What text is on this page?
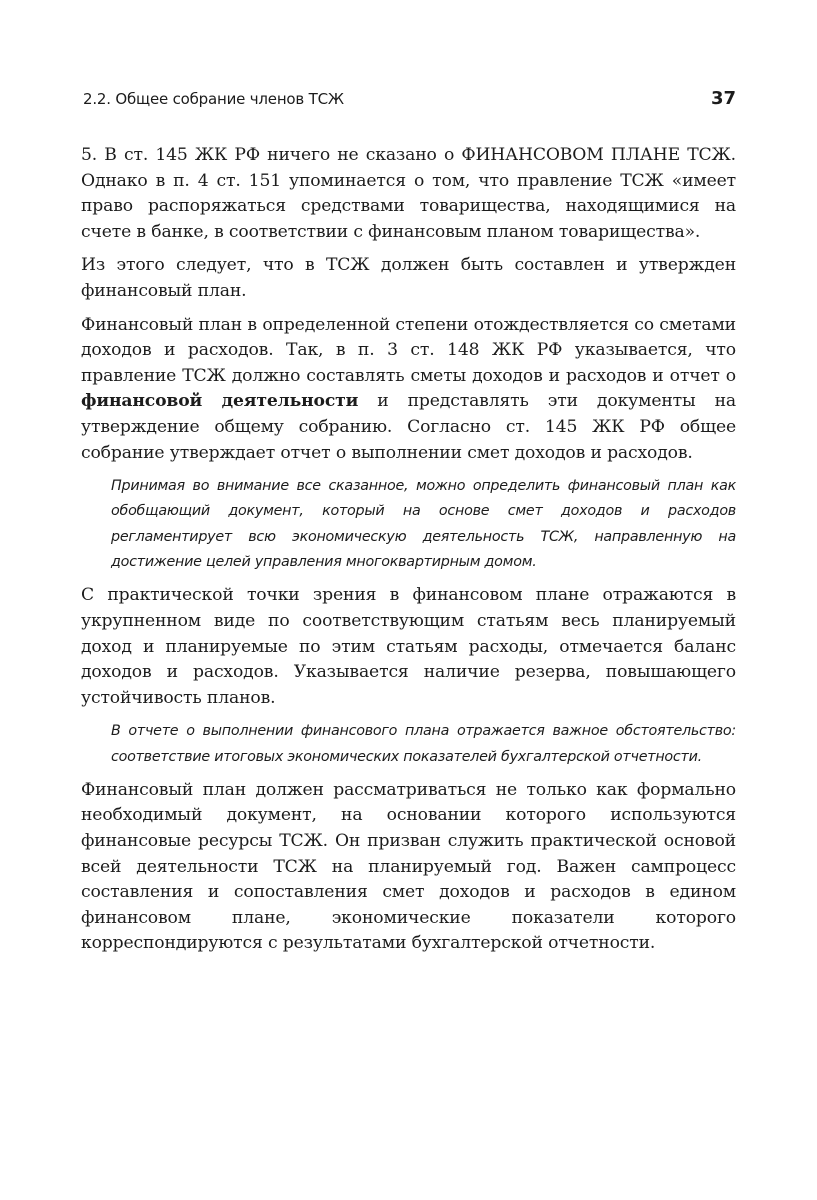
2.2. Общее собрание членов ТСЖ	37

5. В ст. 145 ЖК РФ ничего не сказано о ФИНАНСОВОМ ПЛАНЕ ТСЖ. Однако в п. 4 ст. 151 упоминается о том, что правление ТСЖ «имеет право распоряжаться средствами товарищества, находящимися на счете в банке, в соответствии с финансовым планом товарищества».

Из этого следует, что в ТСЖ должен быть составлен и утвержден финансовый план.

Финансовый план в определенной степени отождествляется со сметами доходов и расходов. Так, в п. 3 ст. 148 ЖК РФ указывается, что правление ТСЖ должно составлять сметы доходов и расходов и отчет о финансовой деятельности и представлять эти документы на утверждение общему собранию. Согласно ст. 145 ЖК РФ общее собрание утверждает отчет о выполнении смет доходов и расходов.

Принимая во внимание все сказанное, можно определить финансовый план как обобщающий документ, который на основе смет доходов и расходов регламентирует всю экономическую деятельность ТСЖ, направленную на достижение целей управления многоквартирным домом.

С практической точки зрения в финансовом плане отражаются в укрупненном виде по соответствующим статьям весь планируемый доход и планируемые по этим статьям расходы, отмечается баланс доходов и расходов. Указывается наличие резерва, повышающего устойчивость планов.

В отчете о выполнении финансового плана отражается важное обстоятельство: соответствие итоговых экономических показателей бухгалтерской отчетности.

Финансовый план должен рассматриваться не только как формально необходимый документ, на основании которого используются финансовые ресурсы ТСЖ. Он призван служить практической основой всей деятельности ТСЖ на планируемый год. Важен сампроцесс составления и сопоставления смет доходов и расходов в едином финансовом плане, экономические показатели которого корреспондируются с результатами бухгалтерской отчетности.
